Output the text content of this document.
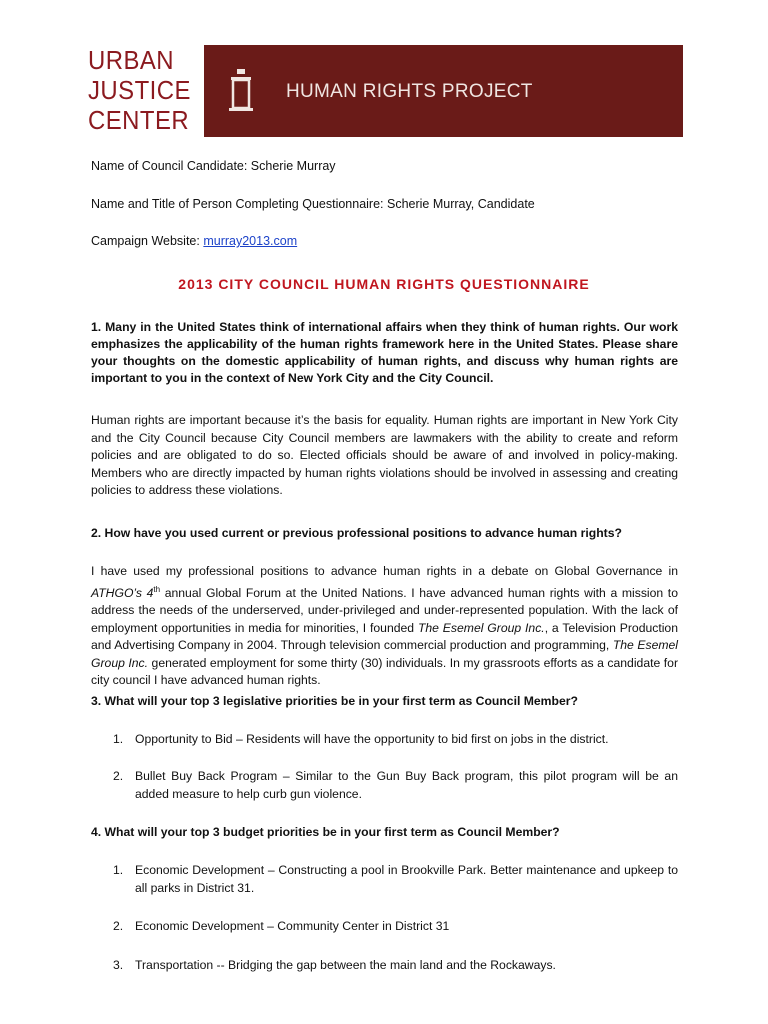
URBAN
JUSTICE
CENTER
HUMAN RIGHTS PROJECT
Name of Council Candidate: Scherie Murray
Name and Title of Person Completing Questionnaire: Scherie Murray, Candidate
Campaign Website: murray2013.com
2013 CITY COUNCIL HUMAN RIGHTS QUESTIONNAIRE
1. Many in the United States think of international affairs when they think of human rights. Our work emphasizes the applicability of the human rights framework here in the United States. Please share your thoughts on the domestic applicability of human rights, and discuss why human rights are important to you in the context of New York City and the City Council.
Human rights are important because it’s the basis for equality. Human rights are important in New York City and the City Council because City Council members are lawmakers with the ability to create and reform policies and are obligated to do so. Elected officials should be aware of and involved in policy-making. Members who are directly impacted by human rights violations should be involved in assessing and creating policies to address these violations.
2. How have you used current or previous professional positions to advance human rights?
I have used my professional positions to advance human rights in a debate on Global Governance in ATHGO’s 4th annual Global Forum at the United Nations. I have advanced human rights with a mission to address the needs of the underserved, under-privileged and under-represented population. With the lack of employment opportunities in media for minorities, I founded The Esemel Group Inc., a Television Production and Advertising Company in 2004. Through television commercial production and programming, The Esemel Group Inc. generated employment for some thirty (30) individuals. In my grassroots efforts as a candidate for city council I have advanced human rights.
3. What will your top 3 legislative priorities be in your first term as Council Member?
1. Opportunity to Bid – Residents will have the opportunity to bid first on jobs in the district.
2. Bullet Buy Back Program – Similar to the Gun Buy Back program, this pilot program will be an     added measure to help curb gun violence.
4. What will your top 3 budget priorities be in your first term as Council Member?
1. Economic Development – Constructing a pool in Brookville Park. Better maintenance and upkeep to all parks in District 31.
2. Economic Development – Community Center in District 31
3. Transportation -- Bridging the gap between the main land and the Rockaways.
